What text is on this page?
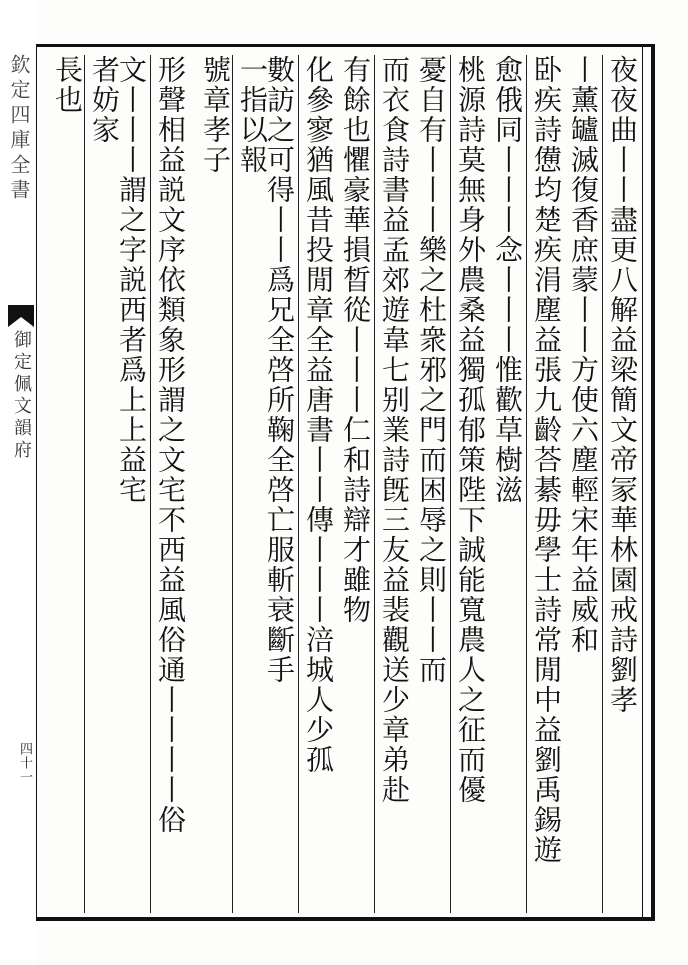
欽定四庫全書
御定佩文韻府
四十一
夜夜曲丨丨盡更八解益梁簡文帝冡華林園戒詩劉孝
丨薰罏滅復香庶蒙丨丨方使六塵輕宋年益威和
卧疾詩憊均楚疾涓塵益張九齡荅綦毋學士詩常閒中益劉禹錫遊
愈俄同丨丨丨念丨丨丨惟歡草樹滋
桃源詩莫無身外農桑益獨孤郁策陛下誠能寬農人之征而優
憂自有丨丨丨樂之杜衆邪之門而困辱之則丨丨而
而衣食詩書益孟郊遊韋七别業詩旣三友益裴觀送少章弟赴
有餘也懼豪華損晳從丨丨丨仁和詩辯才雖物
化參寥猶風昔投閒章全益唐書丨丨傳丨丨丨涪城人少孤
數訪之可得丨丨爲兄全啓所鞠全啓亡服斬衰斷手
一指以報
號章孝子
形聲相益説文序依類象形謂之文宅不西益風俗通丨丨丨丨俗
文丨丨丨謂之字説西者爲上上益宅
者妨家
長也
